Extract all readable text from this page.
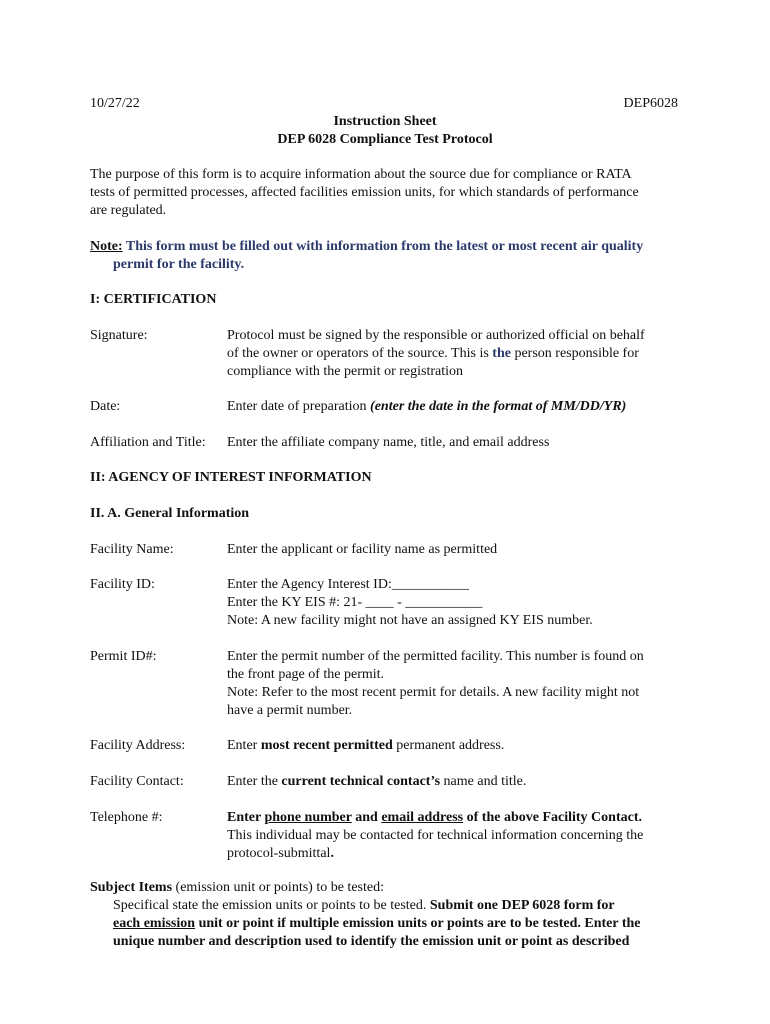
10/27/22	DEP6028
Instruction Sheet
DEP 6028 Compliance Test Protocol
The purpose of this form is to acquire information about the source due for compliance or RATA
tests of permitted processes, affected facilities emission units, for which standards of performance
are regulated.
Note: This form must be filled out with information from the latest or most recent air quality
permit for the facility.
I: CERTIFICATION
Signature:	Protocol must be signed by the responsible or authorized official on behalf
of the owner or operators of the source. This is the person responsible for
compliance with the permit or registration
Date:	Enter date of preparation (enter the date in the format of MM/DD/YR)
Affiliation and Title: Enter the affiliate company name, title, and email address
II: AGENCY OF INTEREST INFORMATION
II. A. General Information
Facility Name:	Enter the applicant or facility name as permitted
Facility ID:	Enter the Agency Interest ID:___________
Enter the KY EIS #: 21- ____ - ___________
Note: A new facility might not have an assigned KY EIS number.
Permit ID#:	Enter the permit number of the permitted facility. This number is found on
the front page of the permit.
Note: Refer to the most recent permit for details. A new facility might not
have a permit number.
Facility Address:	Enter most recent permitted permanent address.
Facility Contact:	Enter the current technical contact’s name and title.
Telephone #:	Enter phone number and email address of the above Facility Contact.
This individual may be contacted for technical information concerning the
protocol-submittal.
Subject Items (emission unit or points) to be tested:
Specifical state the emission units or points to be tested. Submit one DEP 6028 form for
each emission unit or point if multiple emission units or points are to be tested. Enter the
unique number and description used to identify the emission unit or point as described
